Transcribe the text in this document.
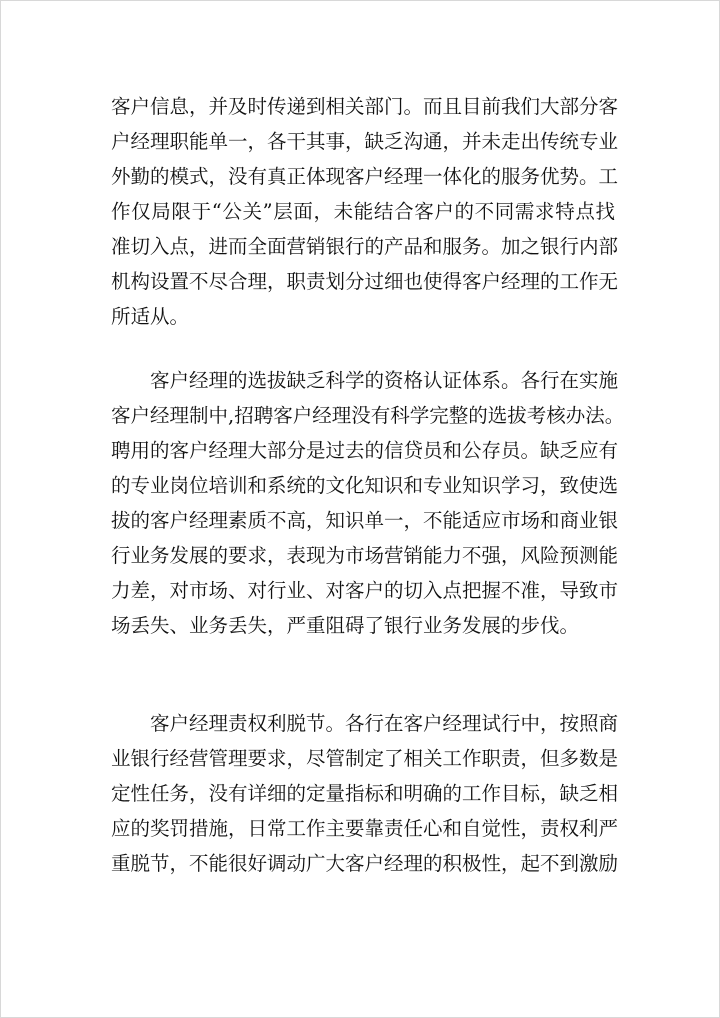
客户信息，并及时传递到相关部门。而且目前我们大部分客
户经理职能单一，各干其事，缺乏沟通，并未走出传统专业
外勤的模式，没有真正体现客户经理一体化的服务优势。工
作仅局限于“公关”层面，未能结合客户的不同需求特点找
准切入点，进而全面营销银行的产品和服务。加之银行内部
机构设置不尽合理，职责划分过细也使得客户经理的工作无
所适从。
客户经理的选拔缺乏科学的资格认证体系。各行在实施
客户经理制中,招聘客户经理没有科学完整的选拔考核办法。
聘用的客户经理大部分是过去的信贷员和公存员。缺乏应有
的专业岗位培训和系统的文化知识和专业知识学习，致使选
拔的客户经理素质不高，知识单一，不能适应市场和商业银
行业务发展的要求，表现为市场营销能力不强，风险预测能
力差，对市场、对行业、对客户的切入点把握不准，导致市
场丢失、业务丢失，严重阻碍了银行业务发展的步伐。
客户经理责权利脱节。各行在客户经理试行中，按照商
业银行经营管理要求，尽管制定了相关工作职责，但多数是
定性任务，没有详细的定量指标和明确的工作目标，缺乏相
应的奖罚措施，日常工作主要靠责任心和自觉性，责权利严
重脱节，不能很好调动广大客户经理的积极性，起不到激励
